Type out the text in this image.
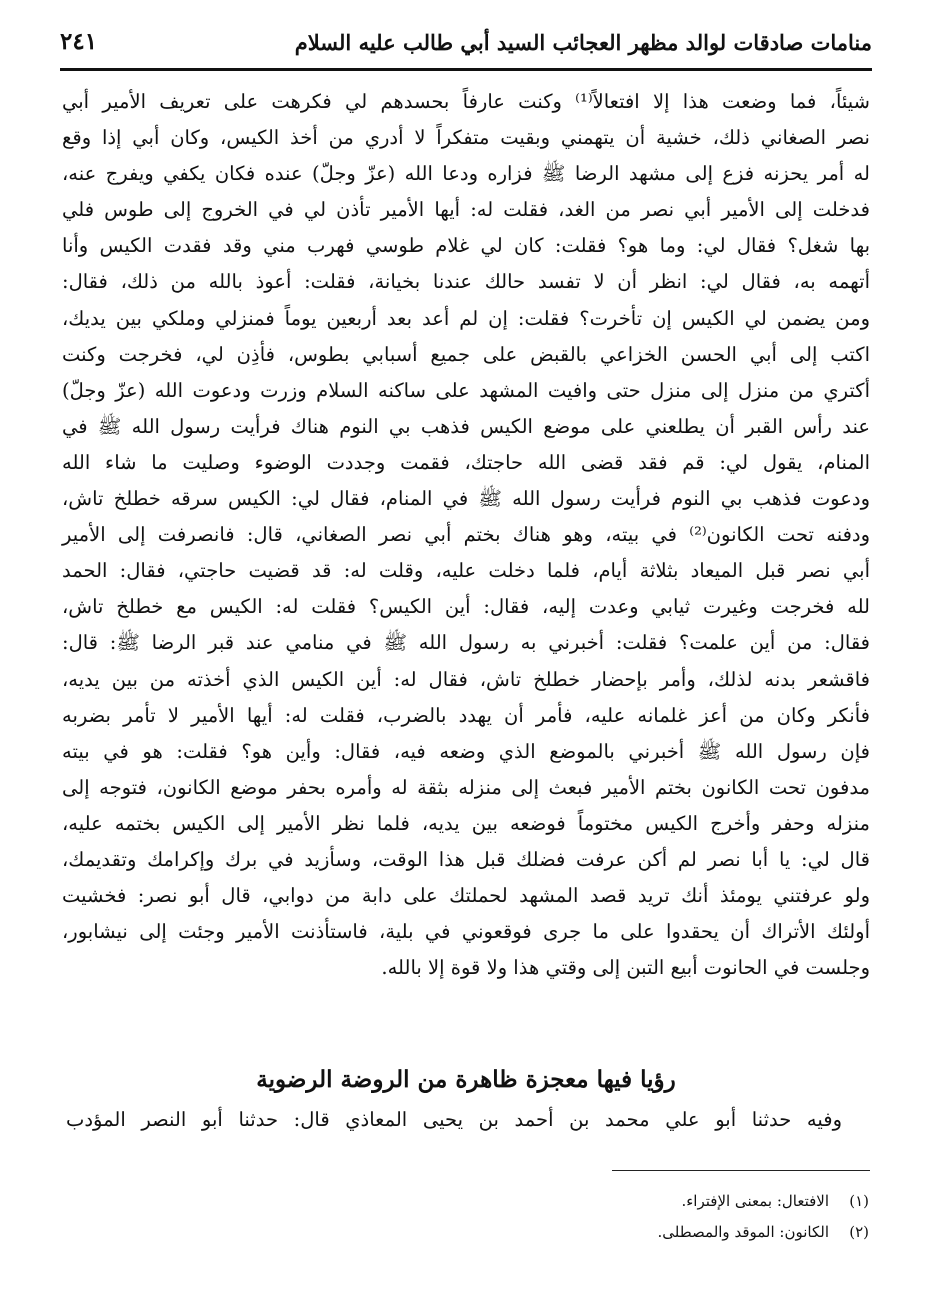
منامات صادقات لوالد مظهر العجائب السيد أبي طالب عليه السلام
٢٤١
شيئاً، فما وضعت هذا إلا افتعالاً⁽¹⁾ وكنت عارفاً بحسدهم لي فكرهت على تعريف الأمير أبي
نصر الصغاني ذلك، خشية أن يتهمني وبقيت متفكراً لا أدري من أخذ الكيس، وكان أبي إذا وقع
له أمر يحزنه فزع إلى مشهد الرضا ﷺ فزاره ودعا الله (عزّ وجلّ) عنده فكان يكفي ويفرج عنه،
فدخلت إلى الأمير أبي نصر من الغد، فقلت له: أيها الأمير تأذن لي في الخروج إلى طوس فلي
بها شغل؟ فقال لي: وما هو؟ فقلت: كان لي غلام طوسي فهرب مني وقد فقدت الكيس وأنا
أتهمه به، فقال لي: انظر أن لا تفسد حالك عندنا بخيانة، فقلت: أعوذ بالله من ذلك، فقال:
ومن يضمن لي الكيس إن تأخرت؟ فقلت: إن لم أعد بعد أربعين يوماً فمنزلي وملكي بين يديك،
اكتب إلى أبي الحسن الخزاعي بالقبض على جميع أسبابي بطوس، فأذِن لي، فخرجت وكنت
أكتري من منزل إلى منزل حتى وافيت المشهد على ساكنه السلام وزرت ودعوت الله (عزّ وجلّ)
عند رأس القبر أن يطلعني على موضع الكيس فذهب بي النوم هناك فرأيت رسول الله ﷺ في
المنام، يقول لي: قم فقد قضى الله حاجتك، فقمت وجددت الوضوء وصليت ما شاء الله
ودعوت فذهب بي النوم فرأيت رسول الله ﷺ في المنام، فقال لي: الكيس سرقه خطلخ تاش،
ودفنه تحت الكانون⁽²⁾ في بيته، وهو هناك بختم أبي نصر الصغاني، قال: فانصرفت إلى الأمير
أبي نصر قبل الميعاد بثلاثة أيام، فلما دخلت عليه، وقلت له: قد قضيت حاجتي، فقال: الحمد
لله فخرجت وغيرت ثيابي وعدت إليه، فقال: أين الكيس؟ فقلت له: الكيس مع خطلخ تاش،
فقال: من أين علمت؟ فقلت: أخبرني به رسول الله ﷺ في منامي عند قبر الرضا ﷺ: قال:
فاقشعر بدنه لذلك، وأمر بإحضار خطلخ تاش، فقال له: أين الكيس الذي أخذته من بين يديه،
فأنكر وكان من أعز غلمانه عليه، فأمر أن يهدد بالضرب، فقلت له: أيها الأمير لا تأمر بضربه
فإن رسول الله ﷺ أخبرني بالموضع الذي وضعه فيه، فقال: وأين هو؟ فقلت: هو في بيته
مدفون تحت الكانون بختم الأمير فبعث إلى منزله بثقة له وأمره بحفر موضع الكانون، فتوجه إلى
منزله وحفر وأخرج الكيس مختوماً فوضعه بين يديه، فلما نظر الأمير إلى الكيس بختمه عليه،
قال لي: يا أبا نصر لم أكن عرفت فضلك قبل هذا الوقت، وسأزيد في برك وإكرامك وتقديمك،
ولو عرفتني يومئذ أنك تريد قصد المشهد لحملتك على دابة من دوابي، قال أبو نصر: فخشيت
أولئك الأتراك أن يحقدوا على ما جرى فوقعوني في بلية، فاستأذنت الأمير وجئت إلى نيشابور،
وجلست في الحانوت أبيع التبن إلى وقتي هذا ولا قوة إلا بالله.
رؤيا فيها معجزة ظاهرة من الروضة الرضوية
وفيه حدثنا أبو علي محمد بن أحمد بن يحيى المعاذي قال: حدثنا أبو النصر المؤدب
(١)الافتعال: بمعنى الإفتراء.
(٢)الكانون: الموقد والمصطلى.
